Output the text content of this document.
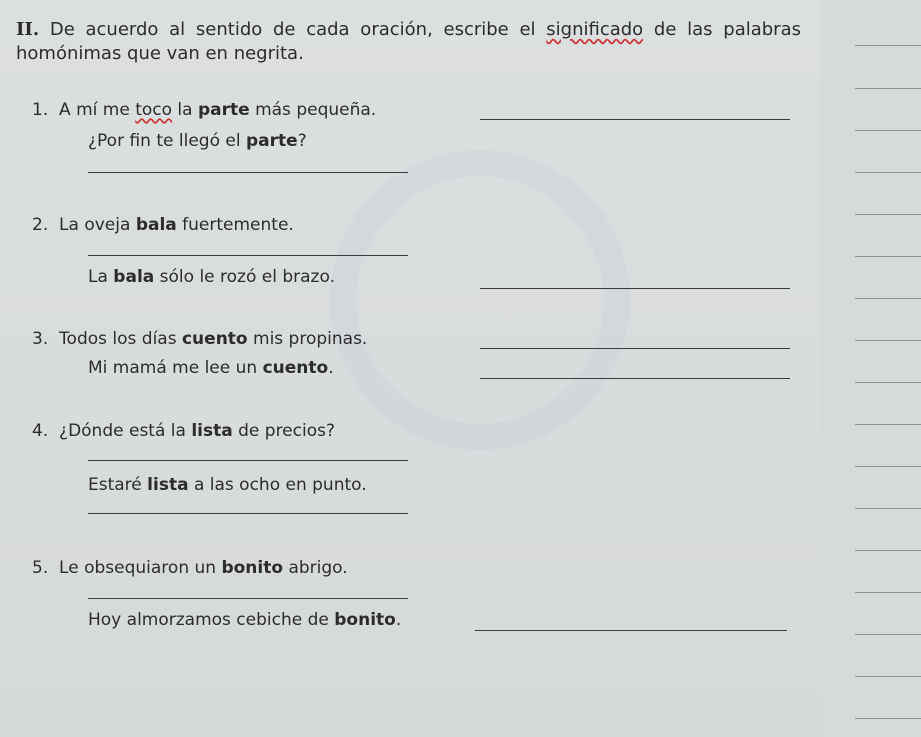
II. De acuerdo al sentido de cada oración, escribe el significado de las palabras homónimas que van en negrita.
1. A mí me toco la parte más pequeña.
¿Por fin te llegó el parte?
2. La oveja bala fuertemente.
La bala sólo le rozó el brazo.
3. Todos los días cuento mis propinas.
Mi mamá me lee un cuento.
4. ¿Dónde está la lista de precios?
Estaré lista a las ocho en punto.
5. Le obsequiaron un bonito abrigo.
Hoy almorzamos cebiche de bonito.
